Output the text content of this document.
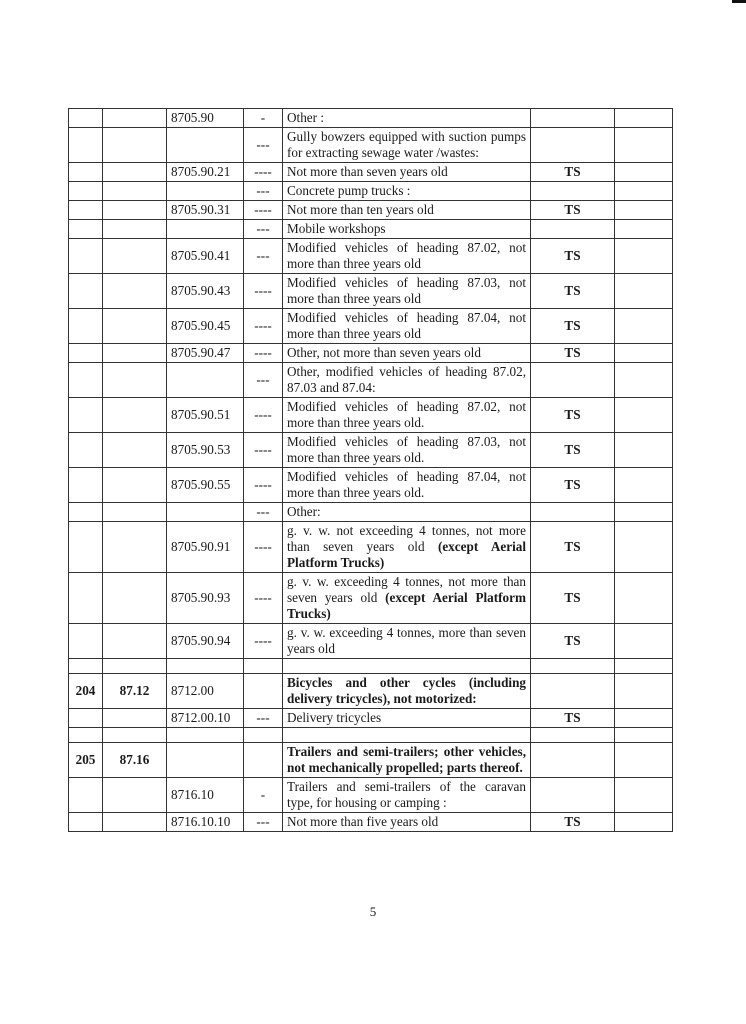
		8705.90	-	Other :		
			---	Gully bowzers equipped with suction pumps for extracting sewage water /wastes:		
		8705.90.21	----	Not more than seven years old	TS	
			---	Concrete pump trucks :		
		8705.90.31	----	Not more than ten years old	TS	
			---	Mobile workshops		
		8705.90.41	---	Modified vehicles of heading 87.02, not more than three years old	TS	
		8705.90.43	----	Modified vehicles of heading 87.03, not more than three years old	TS	
		8705.90.45	----	Modified vehicles of heading 87.04, not more than three years old	TS	
		8705.90.47	----	Other, not more than seven years old	TS	
			---	Other, modified vehicles of heading 87.02, 87.03 and 87.04:		
		8705.90.51	----	Modified vehicles of heading 87.02, not more than three years old.	TS	
		8705.90.53	----	Modified vehicles of heading 87.03, not more than three years old.	TS	
		8705.90.55	----	Modified vehicles of heading 87.04, not more than three years old.	TS	
			---	Other:		
		8705.90.91	----	g. v. w. not exceeding 4 tonnes, not more than seven years old (except Aerial Platform Trucks)	TS	
		8705.90.93	----	g. v. w. exceeding 4 tonnes, not more than seven years old (except Aerial Platform Trucks)	TS	
		8705.90.94	----	g. v. w. exceeding 4 tonnes, more than seven years old	TS	

204	87.12	8712.00		Bicycles and other cycles (including delivery tricycles), not motorized:		
		8712.00.10	---	Delivery tricycles	TS	

205	87.16			Trailers and semi-trailers; other vehicles, not mechanically propelled; parts thereof.		
		8716.10	-	Trailers and semi-trailers of the caravan type, for housing or camping :		
		8716.10.10	---	Not more than five years old	TS	
5
